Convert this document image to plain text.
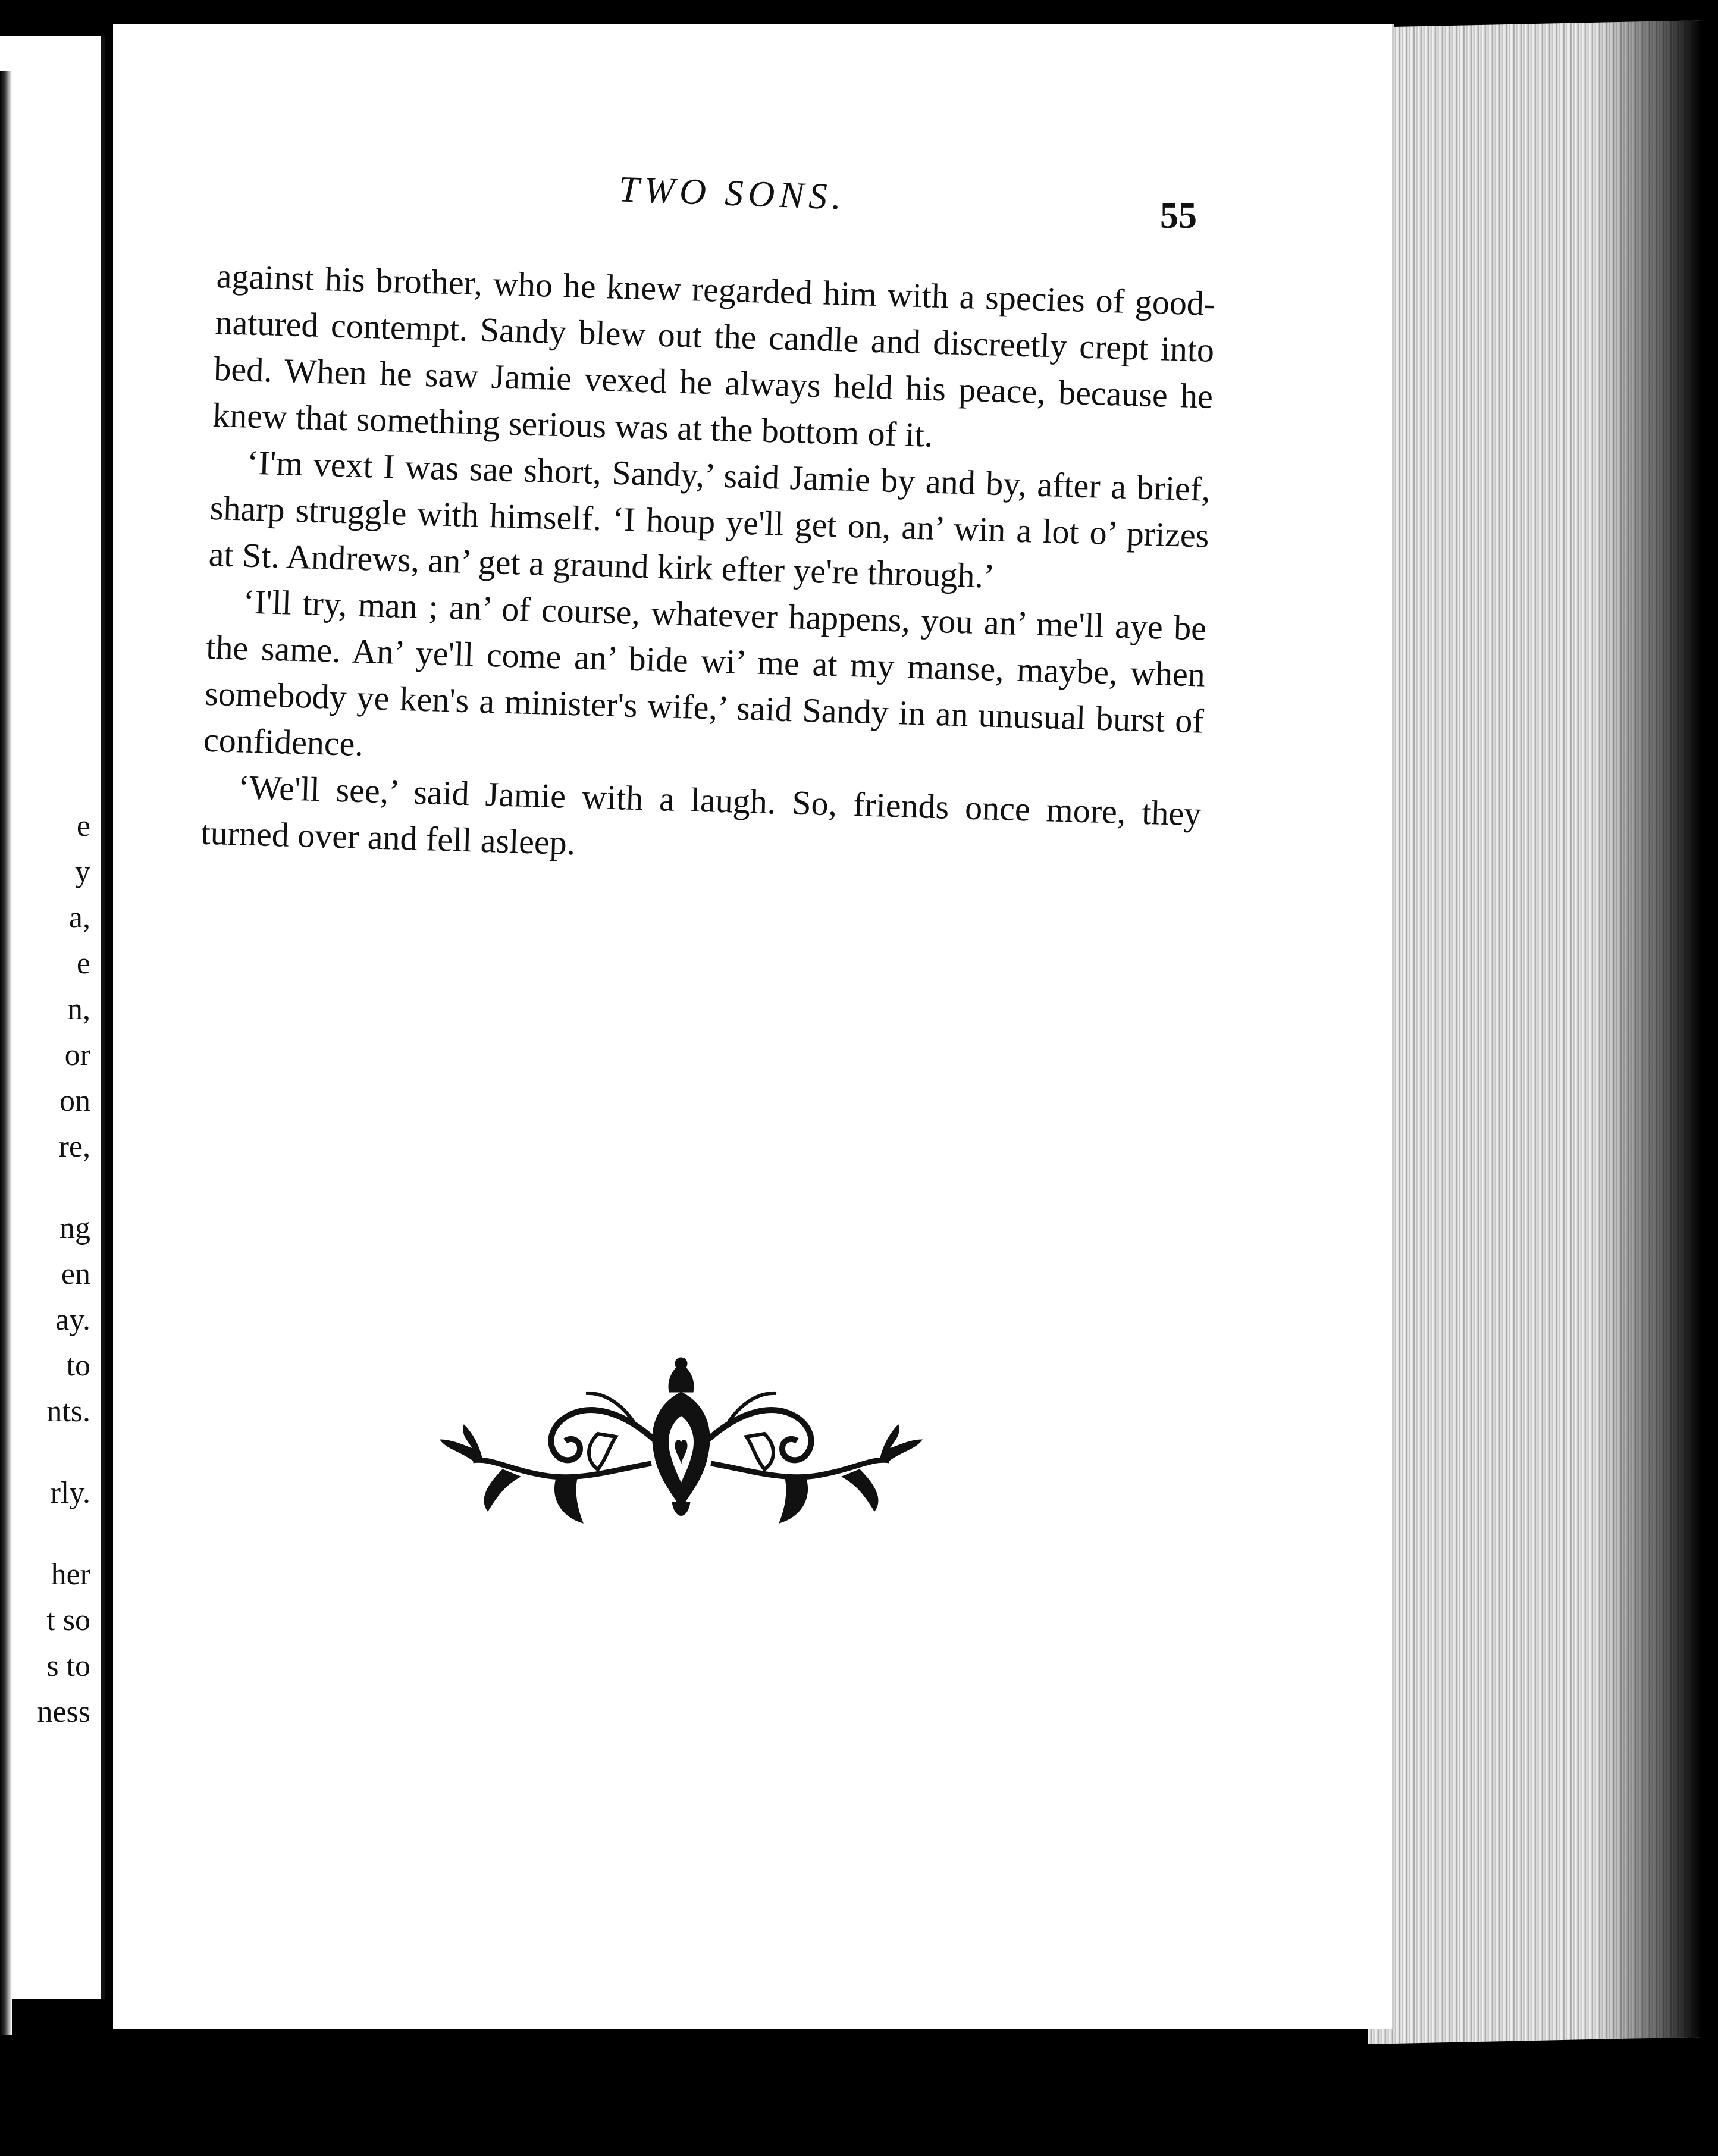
e
y
a,
e
n,
or
on
re,
ng
en
ay.
to
nts.
rly.
her
t so
s to
ness
TWO SONS.	55

against his brother, who he knew regarded him with a species of good-natured contempt. Sandy blew out the candle and discreetly crept into bed. When he saw Jamie vexed he always held his peace, because he knew that something serious was at the bottom of it.

‘I'm vext I was sae short, Sandy,’ said Jamie by and by, after a brief, sharp struggle with himself. ‘I houp ye'll get on, an’ win a lot o’ prizes at St. Andrews, an’ get a graund kirk efter ye're through.’

‘I'll try, man ; an’ of course, whatever happens, you an’ me'll aye be the same. An’ ye'll come an’ bide wi’ me at my manse, maybe, when somebody ye ken's a minister's wife,’ said Sandy in an unusual burst of confidence.

‘We'll see,’ said Jamie with a laugh. So, friends once more, they turned over and fell asleep.
